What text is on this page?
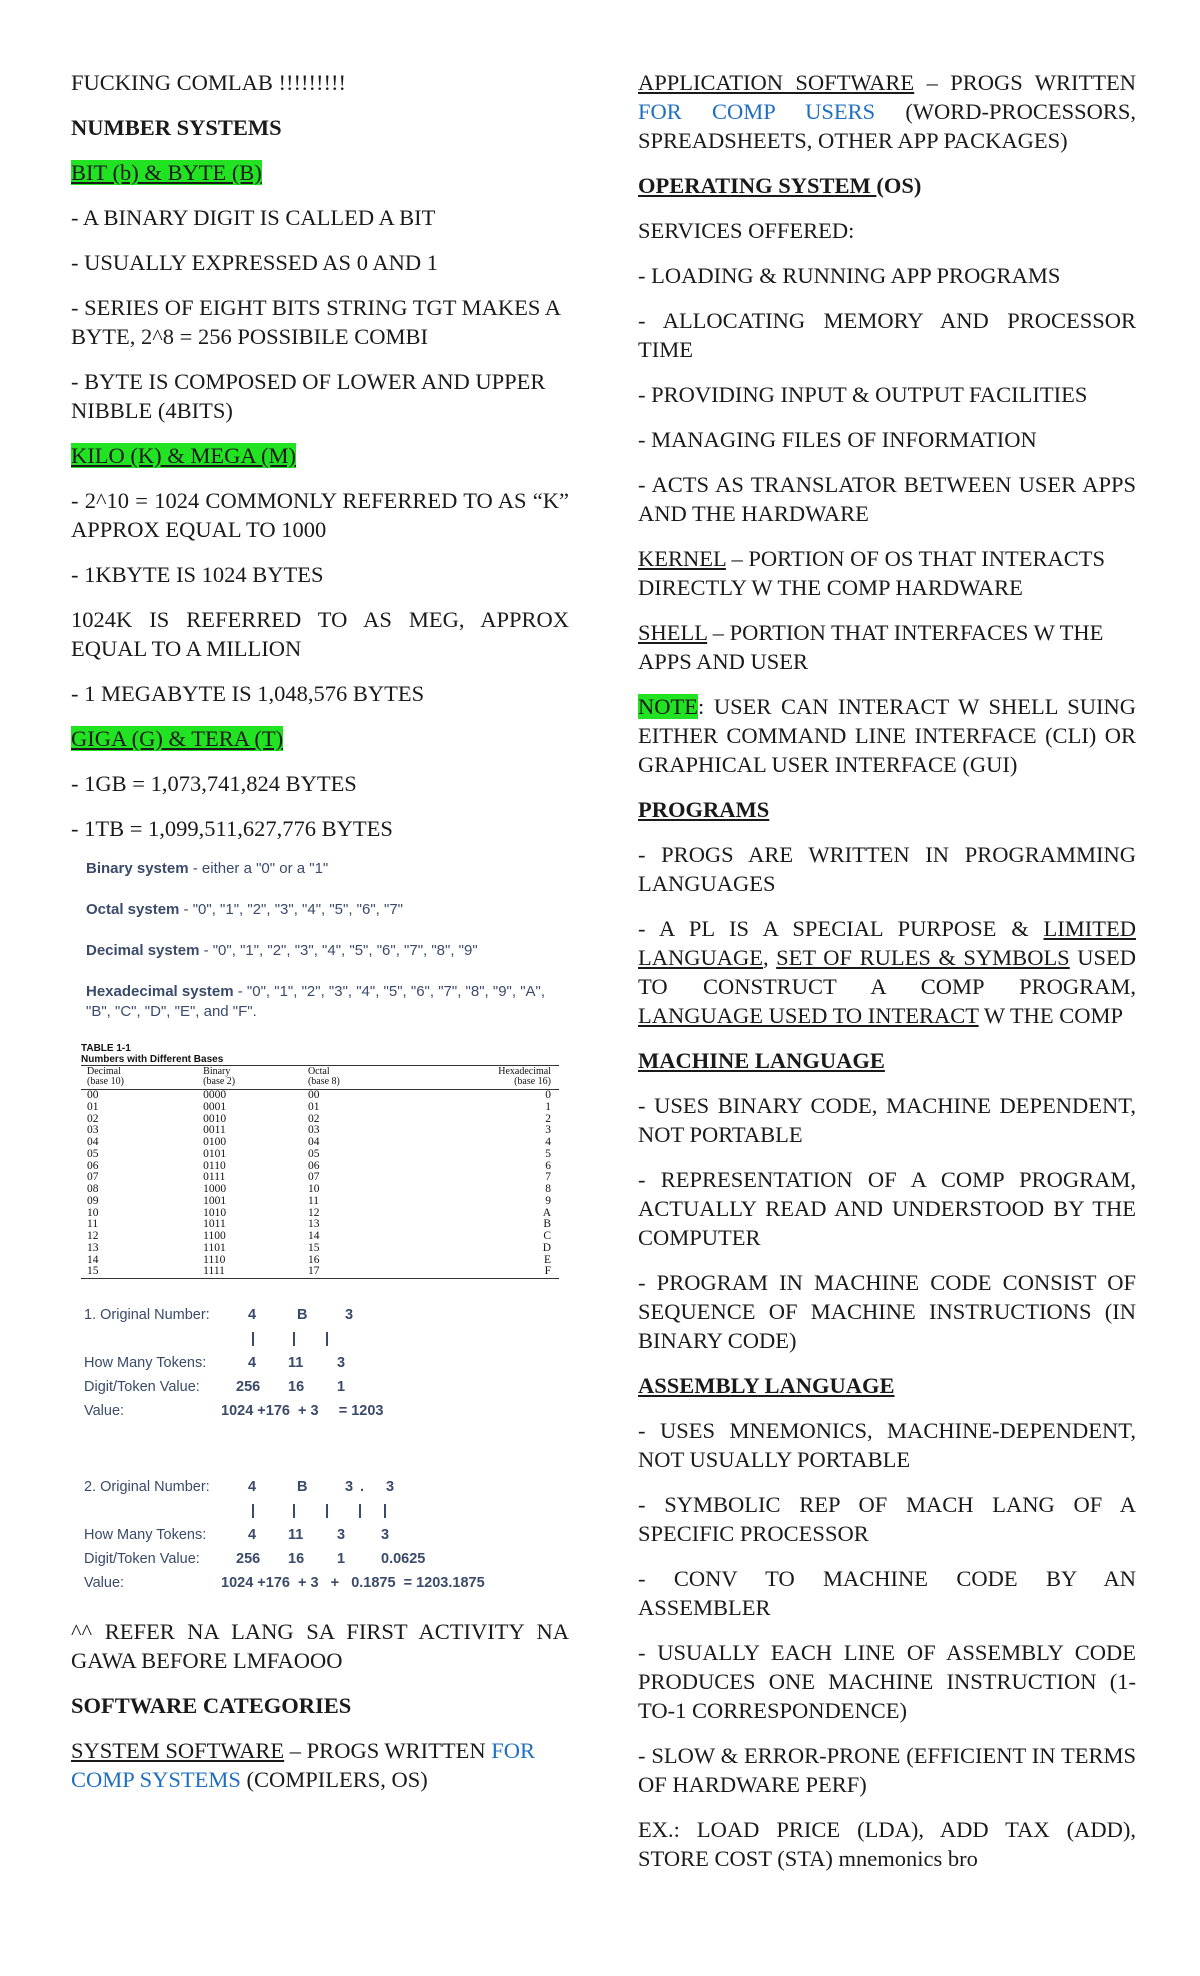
FUCKING COMLAB !!!!!!!!!

NUMBER SYSTEMS

BIT (b) & BYTE (B)

- A BINARY DIGIT IS CALLED A BIT

- USUALLY EXPRESSED AS 0 AND 1

- SERIES OF EIGHT BITS STRING TGT MAKES A BYTE, 2^8 = 256 POSSIBILE COMBI

- BYTE IS COMPOSED OF LOWER AND UPPER NIBBLE (4BITS)

KILO (K) & MEGA (M)

- 2^10 = 1024 COMMONLY REFERRED TO AS “K” APPROX EQUAL TO 1000

- 1KBYTE IS 1024 BYTES

1024K IS REFERRED TO AS MEG, APPROX EQUAL TO A MILLION

- 1 MEGABYTE IS 1,048,576 BYTES

GIGA (G) & TERA (T)

- 1GB = 1,073,741,824 BYTES

- 1TB = 1,099,511,627,776 BYTES

Binary system - either a "0" or a "1"
Octal system - "0", "1", "2", "3", "4", "5", "6", "7"
Decimal system - "0", "1", "2", "3", "4", "5", "6", "7", "8", "9"
Hexadecimal system - "0", "1", "2", "3", "4", "5", "6", "7", "8", "9", "A", "B", "C", "D", "E", and "F".
TABLE 1-1
Numbers with Different Bases
Decimal
(base 10)	Binary
(base 2)	Octal
(base 8)	Hexadecimal
(base 16)
00	0000	00	0
01	0001	01	1
02	0010	02	2
03	0011	03	3
04	0100	04	4
05	0101	05	5
06	0110	06	6
07	0111	07	7
08	1000	10	8
09	1001	11	9
10	1010	12	A
11	1011	13	B
12	1100	14	C
13	1101	15	D
14	1110	16	E
15	1111	17	F
1. Original Number:	4	B	3
How Many Tokens:	4 11 3
Digit/Token Value: 256 16 1
Value:	1024 +176  + 3     = 1203
2. Original Number:	4	B	3 . 3
How Many Tokens:	4 11 3 3
Digit/Token Value: 256 16 1 0.0625
Value:	1024 +176  + 3   +   0.1875  = 1203.1875

^^ REFER NA LANG SA FIRST ACTIVITY NA GAWA BEFORE LMFAOOO

SOFTWARE CATEGORIES

SYSTEM SOFTWARE – PROGS WRITTEN FOR COMP SYSTEMS (COMPILERS, OS)

APPLICATION SOFTWARE – PROGS WRITTEN FOR COMP USERS (WORD-PROCESSORS, SPREADSHEETS, OTHER APP PACKAGES)

OPERATING SYSTEM (OS)

SERVICES OFFERED:

- LOADING & RUNNING APP PROGRAMS

- ALLOCATING MEMORY AND PROCESSOR TIME

- PROVIDING INPUT & OUTPUT FACILITIES

- MANAGING FILES OF INFORMATION

- ACTS AS TRANSLATOR BETWEEN USER APPS AND THE HARDWARE

KERNEL – PORTION OF OS THAT INTERACTS DIRECTLY W THE COMP HARDWARE

SHELL – PORTION THAT INTERFACES W THE APPS AND USER

NOTE: USER CAN INTERACT W SHELL SUING EITHER COMMAND LINE INTERFACE (CLI) OR GRAPHICAL USER INTERFACE (GUI)

PROGRAMS

- PROGS ARE WRITTEN IN PROGRAMMING LANGUAGES

- A PL IS A SPECIAL PURPOSE & LIMITED LANGUAGE, SET OF RULES & SYMBOLS USED TO CONSTRUCT A COMP PROGRAM, LANGUAGE USED TO INTERACT W THE COMP

MACHINE LANGUAGE

- USES BINARY CODE, MACHINE DEPENDENT, NOT PORTABLE

- REPRESENTATION OF A COMP PROGRAM, ACTUALLY READ AND UNDERSTOOD BY THE COMPUTER

- PROGRAM IN MACHINE CODE CONSIST OF SEQUENCE OF MACHINE INSTRUCTIONS (IN BINARY CODE)

ASSEMBLY LANGUAGE

- USES MNEMONICS, MACHINE-DEPENDENT, NOT USUALLY PORTABLE

- SYMBOLIC REP OF MACH LANG OF A SPECIFIC PROCESSOR

- CONV TO MACHINE CODE BY AN ASSEMBLER

- USUALLY EACH LINE OF ASSEMBLY CODE PRODUCES ONE MACHINE INSTRUCTION (1-TO-1 CORRESPONDENCE)

- SLOW & ERROR-PRONE (EFFICIENT IN TERMS OF HARDWARE PERF)

EX.: LOAD PRICE (LDA), ADD TAX (ADD), STORE COST (STA) mnemonics bro
